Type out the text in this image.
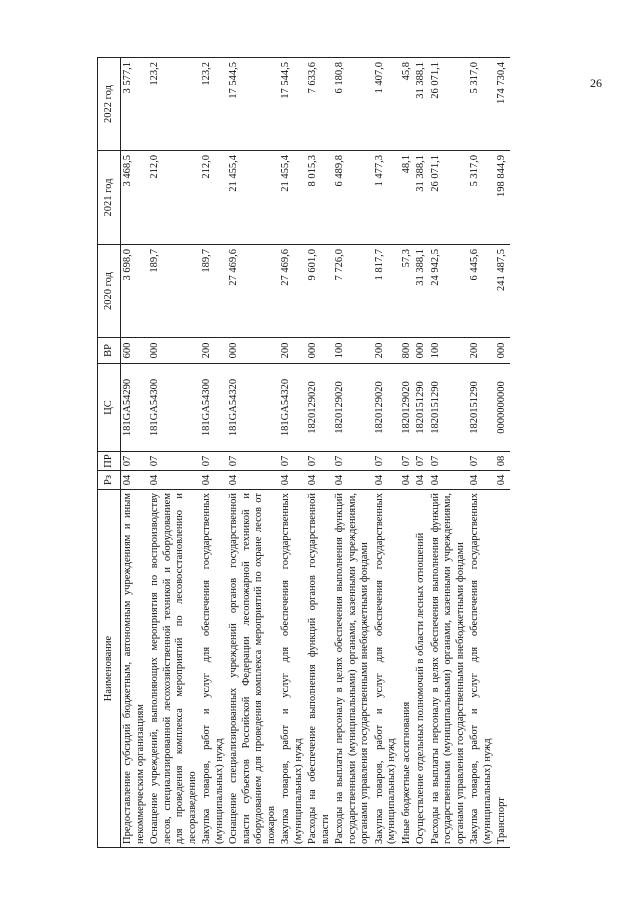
26
Наименование	Рз	ПР	ЦС	ВР	2020 год	2021 год	2022 год
Предоставление субсидий бюджетным, автономным учреждениям и иным некоммерческим организациям	04	07	181GA54290	600	3 698,0	3 468,5	3 577,1
Оснащение учреждений, выполняющих мероприятия по воспроизводству лесов, специализированной лесохозяйственной техникой и оборудованием для проведения комплекса мероприятий по лесовосстановлению и лесоразведению	04	07	181GA54300	000	189,7	212,0	123,2
Закупка товаров, работ и услуг для обеспечения государственных (муниципальных) нужд	04	07	181GA54300	200	189,7	212,0	123,2
Оснащение специализированных учреждений органов государственной власти субъектов Российской Федерации лесопожарной техникой и оборудованием для проведения комплекса мероприятий по охране лесов от пожаров	04	07	181GA54320	000	27 469,6	21 455,4	17 544,5
Закупка товаров, работ и услуг для обеспечения государственных (муниципальных) нужд	04	07	181GA54320	200	27 469,6	21 455,4	17 544,5
Расходы на обеспечение выполнения функций органов государственной власти	04	07	1820129020	000	9 601,0	8 015,3	7 633,6
Расходы на выплаты персоналу в целях обеспечения выполнения функций государственными (муниципальными) органами, казенными учреждениями, органами управления государственными внебюджетными фондами	04	07	1820129020	100	7 726,0	6 489,8	6 180,8
Закупка товаров, работ и услуг для обеспечения государственных (муниципальных) нужд	04	07	1820129020	200	1 817,7	1 477,3	1 407,0
Иные бюджетные ассигнования	04	07	1820129020	800	57,3	48,1	45,8
Осуществление отдельных полномочий в области лесных отношений	04	07	1820151290	000	31 388,1	31 388,1	31 388,1
Расходы на выплаты персоналу в целях обеспечения выполнения функций государственными (муниципальными) органами, казенными учреждениями, органами управления государственными внебюджетными фондами	04	07	1820151290	100	24 942,5	26 071,1	26 071,1
Закупка товаров, работ и услуг для обеспечения государственных (муниципальных) нужд	04	07	1820151290	200	6 445,6	5 317,0	5 317,0
Транспорт	04	08	0000000000	000	241 487,5	198 844,9	174 730,4
